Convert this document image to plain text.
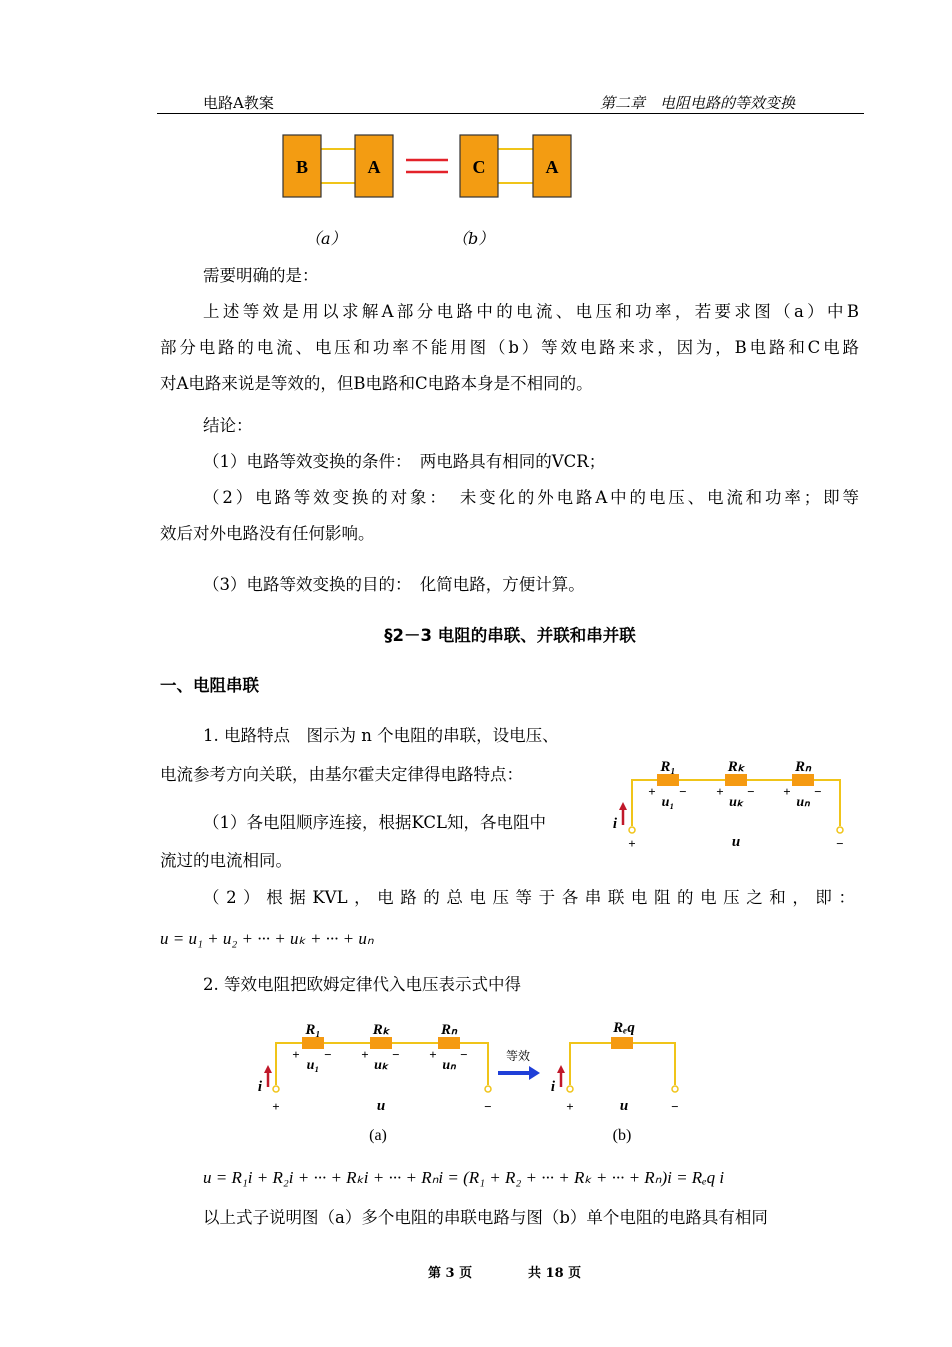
电路A教案	第二章　电阻电路的等效变换
B	A	C	A
（a）	（b）
需要明确的是：
上述等效是用以求解A部分电路中的电流、电压和功率，若要求图（a）中B
部分电路的电流、电压和功率不能用图（b）等效电路来求，因为，B电路和C电路
对A电路来说是等效的，但B电路和C电路本身是不相同的。
结论：
（1）电路等效变换的条件：　两电路具有相同的VCR；
（2）电路等效变换的对象：　未变化的外电路A中的电压、电流和功率；即等
效后对外电路没有任何影响。
（3）电路等效变换的目的：　化简电路，方便计算。
§2－3 电阻的串联、并联和串并联
一、电阻串联
1. 电路特点　图示为 n 个电阻的串联，设电压、
电流参考方向关联，由基尔霍夫定律得电路特点：
（1）各电阻顺序连接，根据KCL知，各电阻中
流过的电流相同。
（2）根据KVL，电路的总电压等于各串联电阻的电压之和，即：
u = u₁ + u₂ + ··· + uₖ + ··· + uₙ
2. 等效电阻把欧姆定律代入电压表示式中得
R₁	Rₖ	Rₙ
+ − + − + −
u₁	uₖ	uₙ
i
+	u	−
R₁	Rₖ	Rₙ
+ − + − + −
u₁	uₖ	uₙ
i
+	u	−
(a)
等效
Rₑq
i
+	u	−
(b)
u = R₁i + R₂i + ··· + Rₖi + ··· + Rₙi = (R₁ + R₂ + ··· + Rₖ + ··· + Rₙ)i = Rₑq i
以上式子说明图（a）多个电阻的串联电路与图（b）单个电阻的电路具有相同
第 3 页	共 18 页
